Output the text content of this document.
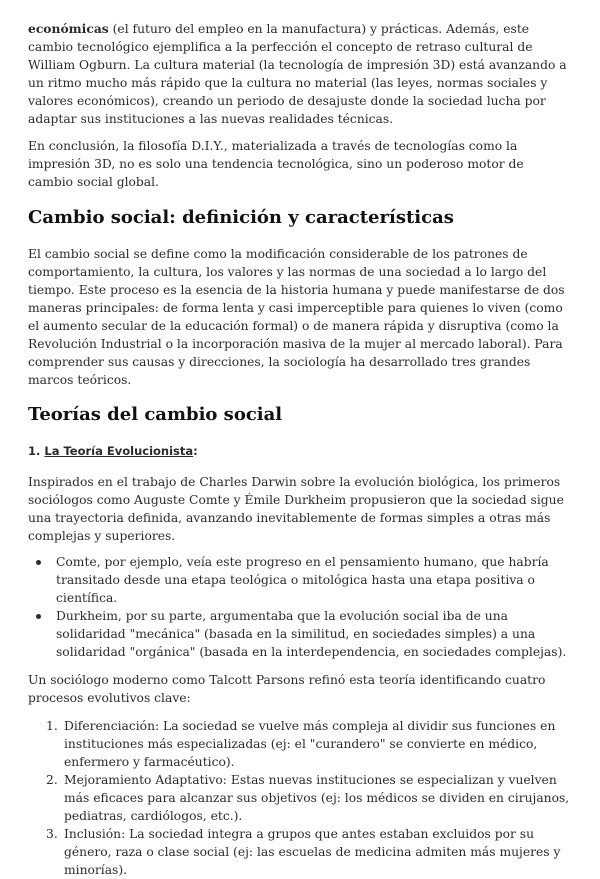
económicas (el futuro del empleo en la manufactura) y prácticas. Además, este cambio tecnológico ejemplifica a la perfección el concepto de retraso cultural de William Ogburn. La cultura material (la tecnología de impresión 3D) está avanzando a un ritmo mucho más rápido que la cultura no material (las leyes, normas sociales y valores económicos), creando un periodo de desajuste donde la sociedad lucha por adaptar sus instituciones a las nuevas realidades técnicas.

En conclusión, la filosofía D.I.Y., materializada a través de tecnologías como la impresión 3D, no es solo una tendencia tecnológica, sino un poderoso motor de cambio social global.

Cambio social: definición y características

El cambio social se define como la modificación considerable de los patrones de comportamiento, la cultura, los valores y las normas de una sociedad a lo largo del tiempo. Este proceso es la esencia de la historia humana y puede manifestarse de dos maneras principales: de forma lenta y casi imperceptible para quienes lo viven (como el aumento secular de la educación formal) o de manera rápida y disruptiva (como la Revolución Industrial o la incorporación masiva de la mujer al mercado laboral). Para comprender sus causas y direcciones, la sociología ha desarrollado tres grandes marcos teóricos.

Teorías del cambio social
1. La Teoría Evolucionista:

Inspirados en el trabajo de Charles Darwin sobre la evolución biológica, los primeros sociólogos como Auguste Comte y Émile Durkheim propusieron que la sociedad sigue una trayectoria definida, avanzando inevitablemente de formas simples a otras más complejas y superiores.

Comte, por ejemplo, veía este progreso en el pensamiento humano, que habría transitado desde una etapa teológica o mitológica hasta una etapa positiva o científica.
Durkheim, por su parte, argumentaba que la evolución social iba de una solidaridad "mecánica" (basada en la similitud, en sociedades simples) a una solidaridad "orgánica" (basada en la interdependencia, en sociedades complejas).

Un sociólogo moderno como Talcott Parsons refinó esta teoría identificando cuatro procesos evolutivos clave:

1. Diferenciación: La sociedad se vuelve más compleja al dividir sus funciones en instituciones más especializadas (ej: el "curandero" se convierte en médico, enfermero y farmacéutico).
2. Mejoramiento Adaptativo: Estas nuevas instituciones se especializan y vuelven más eficaces para alcanzar sus objetivos (ej: los médicos se dividen en cirujanos, pediatras, cardiólogos, etc.).
3. Inclusión: La sociedad integra a grupos que antes estaban excluidos por su género, raza o clase social (ej: las escuelas de medicina admiten más mujeres y minorías).
